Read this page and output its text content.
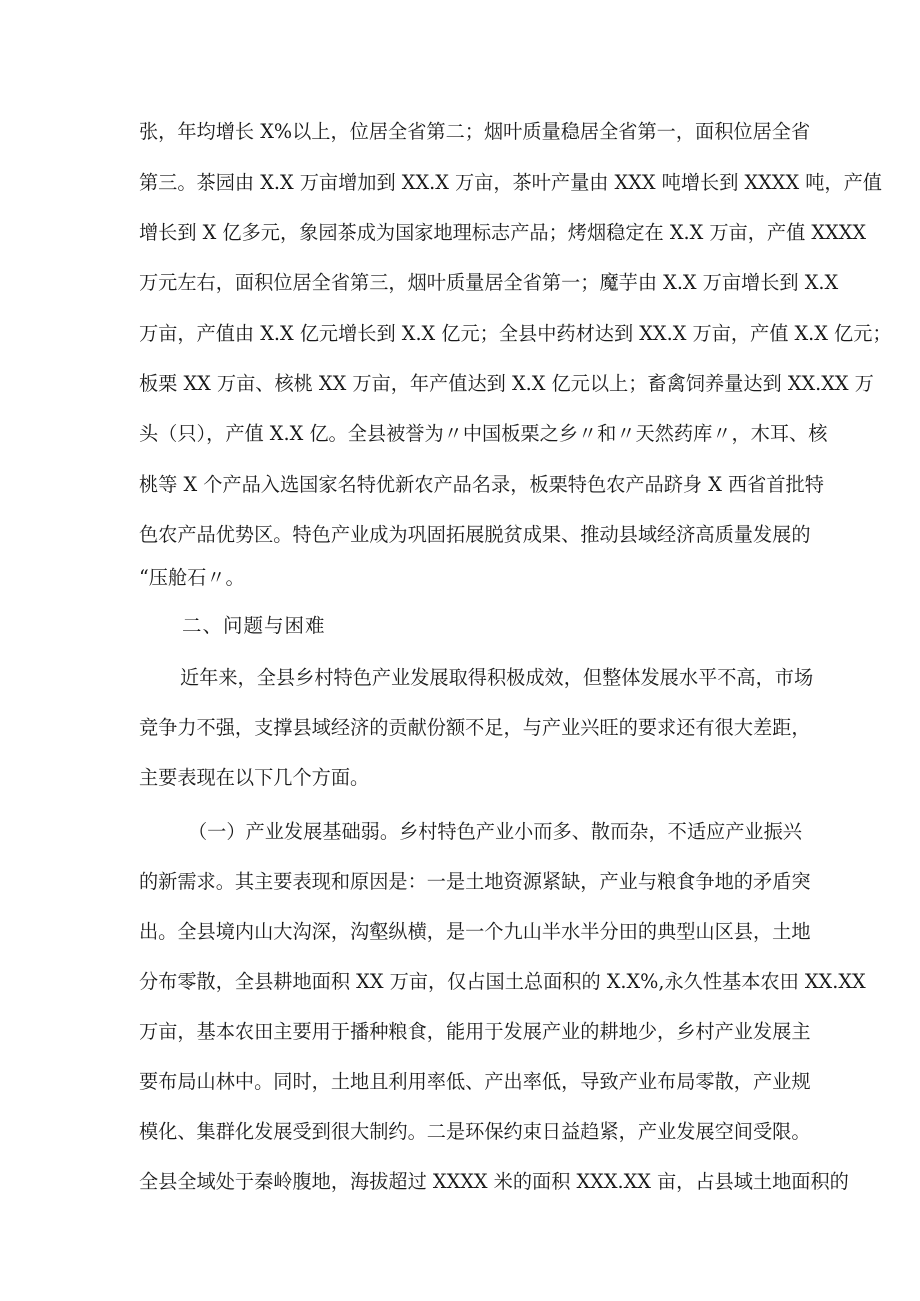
张，年均增长 X%以上，位居全省第二；烟叶质量稳居全省第一，面积位居全省
第三。茶园由 X.X 万亩增加到 XX.X 万亩，茶叶产量由 XXX 吨增长到 XXXX 吨，产值
增长到 X 亿多元，象园茶成为国家地理标志产品；烤烟稳定在 X.X 万亩，产值 XXXX
万元左右，面积位居全省第三，烟叶质量居全省第一；魔芋由 X.X 万亩增长到 X.X
万亩，产值由 X.X 亿元增长到 X.X 亿元；全县中药材达到 XX.X 万亩，产值 X.X 亿元；
板栗 XX 万亩、核桃 XX 万亩，年产值达到 X.X 亿元以上；畜禽饲养量达到 XX.XX 万
头（只），产值 X.X 亿。全县被誉为〃中国板栗之乡〃和〃天然药库〃，木耳、核
桃等 X 个产品入选国家名特优新农产品名录，板栗特色农产品跻身 X 西省首批特
色农产品优势区。特色产业成为巩固拓展脱贫成果、推动县域经济高质量发展的
“压舱石〃。
二、问题与困难
近年来，全县乡村特色产业发展取得积极成效，但整体发展水平不高，市场
竞争力不强，支撑县域经济的贡献份额不足，与产业兴旺的要求还有很大差距，
主要表现在以下几个方面。
（一）产业发展基础弱。乡村特色产业小而多、散而杂，不适应产业振兴
的新需求。其主要表现和原因是：一是土地资源紧缺，产业与粮食争地的矛盾突
出。全县境内山大沟深，沟壑纵横，是一个九山半水半分田的典型山区县，土地
分布零散，全县耕地面积 XX 万亩，仅占国土总面积的 X.X%,永久性基本农田 XX.XX
万亩，基本农田主要用于播种粮食，能用于发展产业的耕地少，乡村产业发展主
要布局山林中。同时，土地且利用率低、产出率低，导致产业布局零散，产业规
模化、集群化发展受到很大制约。二是环保约束日益趋紧，产业发展空间受限。
全县全域处于秦岭腹地，海拔超过 XXXX 米的面积 XXX.XX 亩，占县域土地面积的
